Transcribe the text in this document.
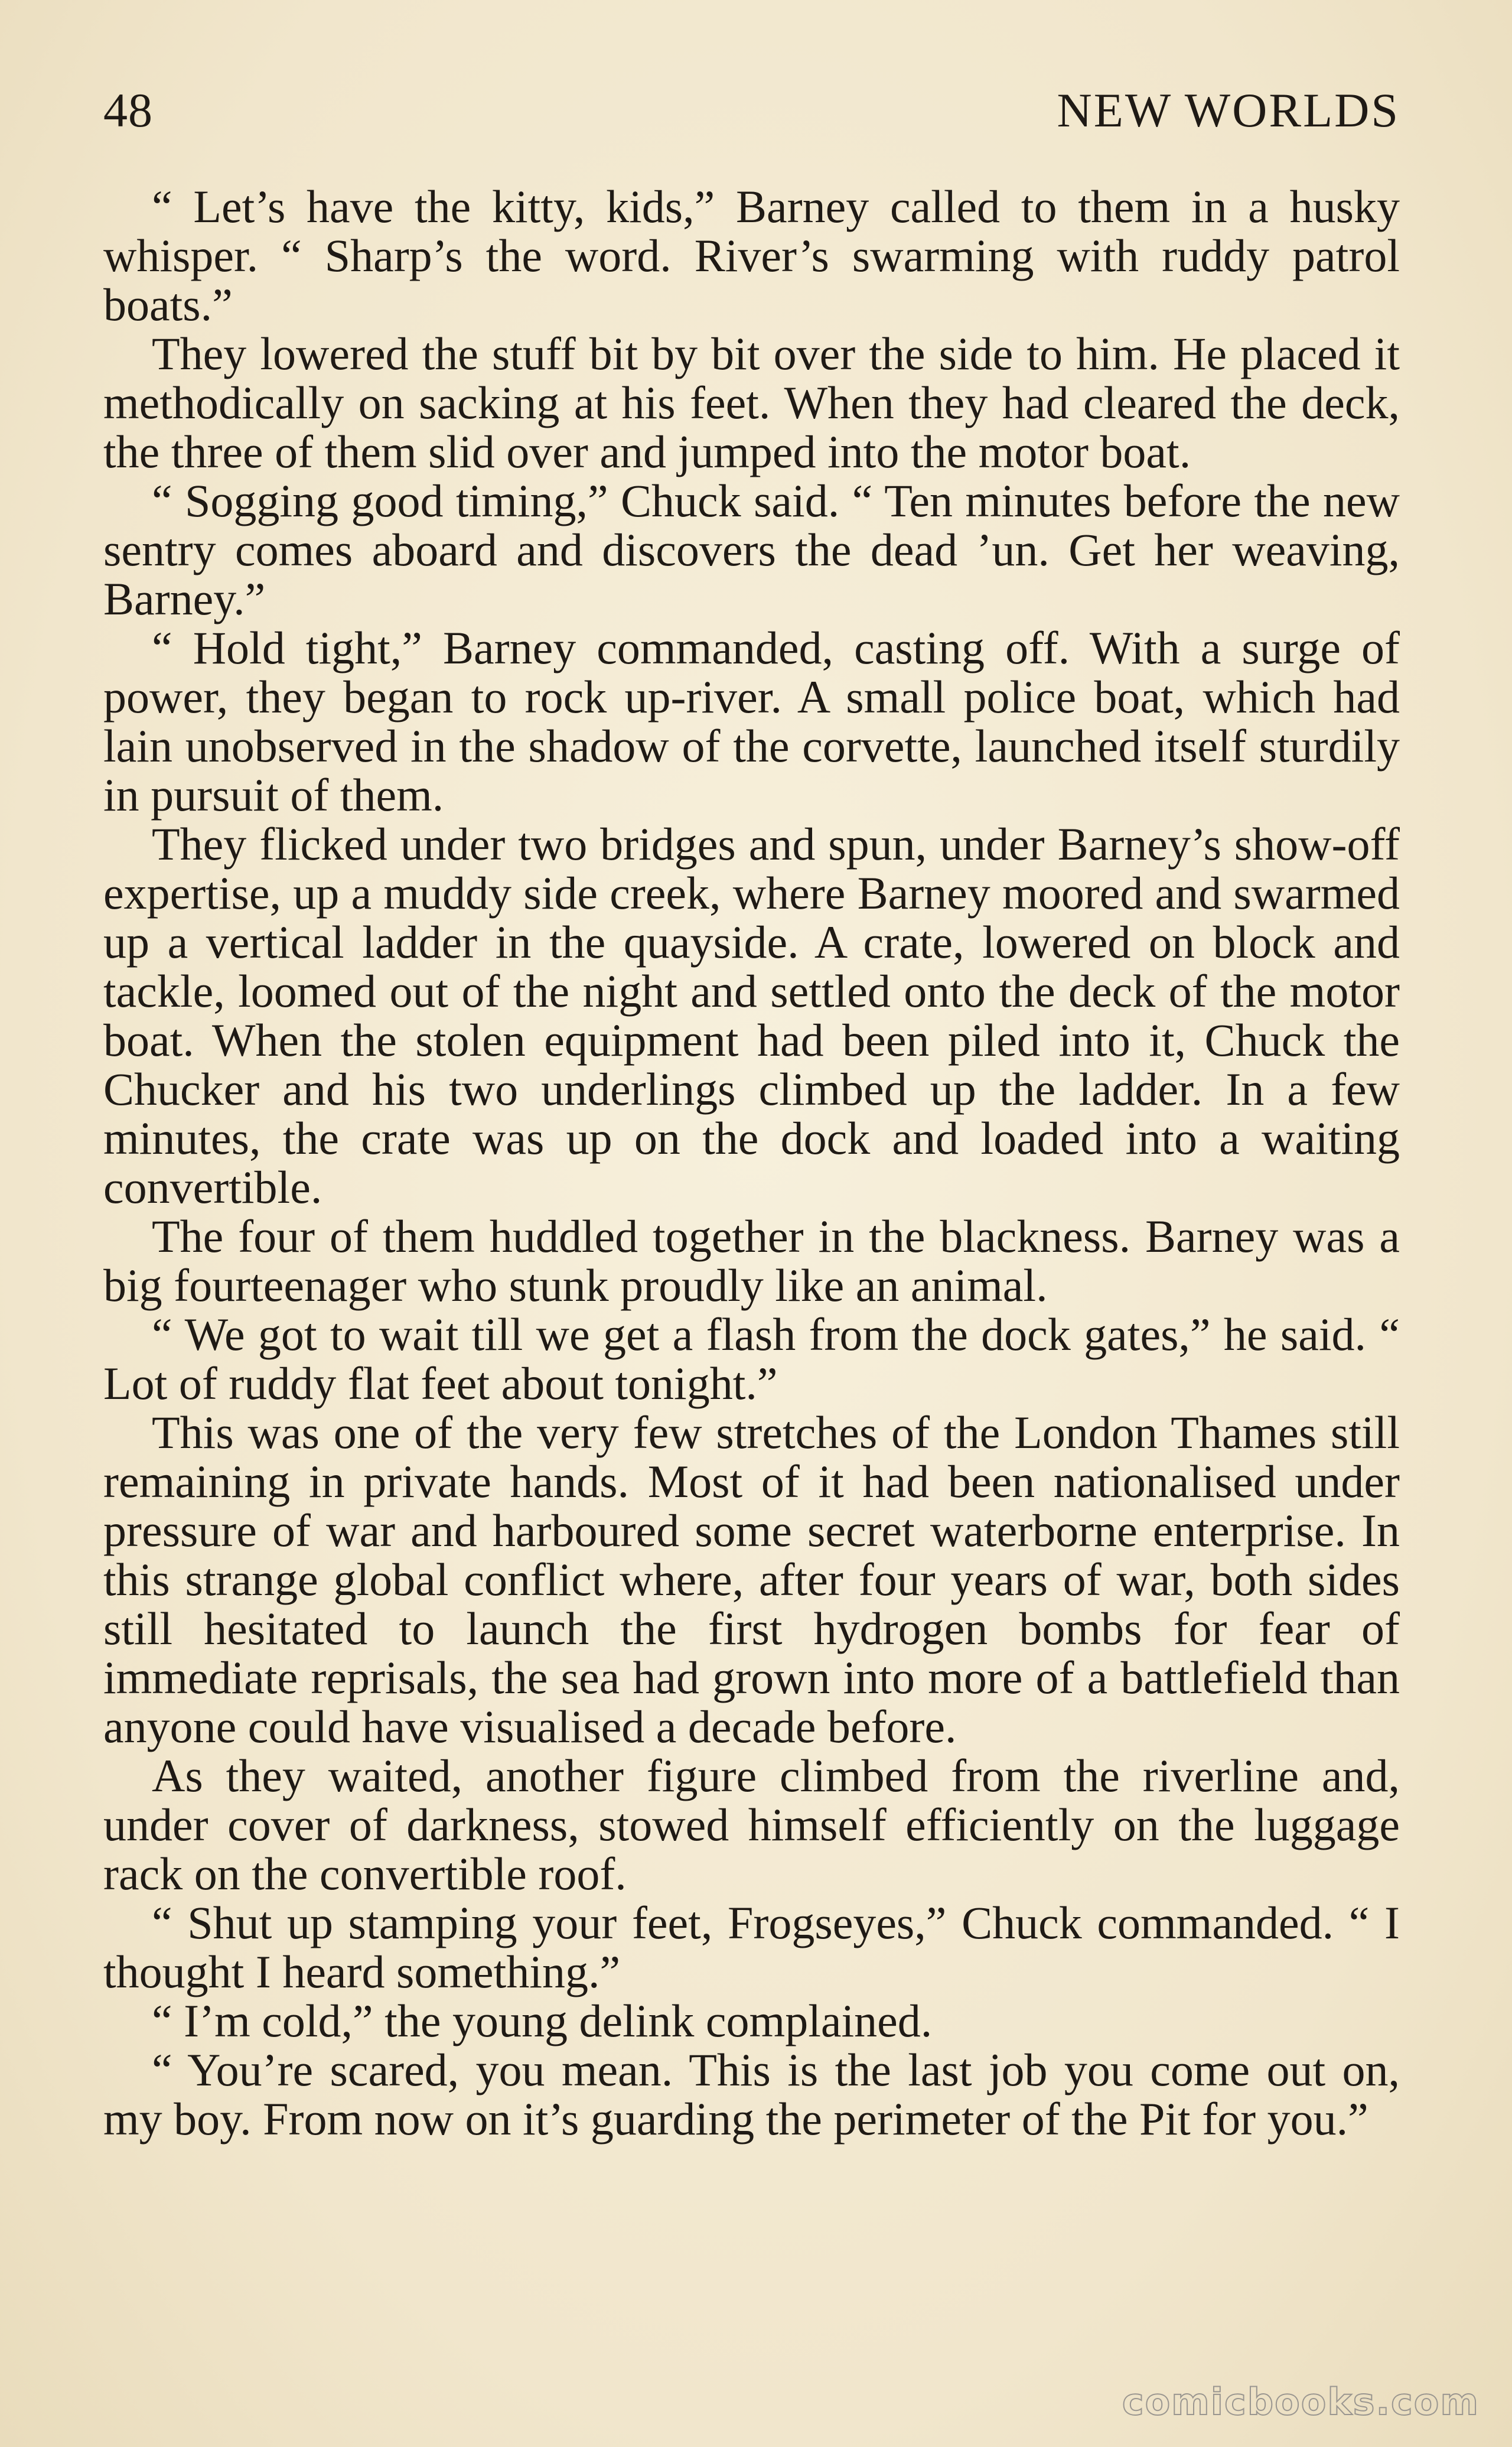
48	NEW WORLDS

“ Let’s have the kitty, kids,” Barney called to them in a husky whisper. “ Sharp’s the word. River’s swarming with ruddy patrol boats.”

They lowered the stuff bit by bit over the side to him. He placed it methodically on sacking at his feet. When they had cleared the deck, the three of them slid over and jumped into the motor boat.

“ Sogging good timing,” Chuck said. “ Ten minutes before the new sentry comes aboard and discovers the dead ’un. Get her weaving, Barney.”

“ Hold tight,” Barney commanded, casting off. With a surge of power, they began to rock up-river. A small police boat, which had lain unobserved in the shadow of the corvette, launched itself sturdily in pursuit of them.

They flicked under two bridges and spun, under Barney’s show-off expertise, up a muddy side creek, where Barney moored and swarmed up a vertical ladder in the quayside. A crate, lowered on block and tackle, loomed out of the night and settled onto the deck of the motor boat. When the stolen equipment had been piled into it, Chuck the Chucker and his two underlings climbed up the ladder. In a few minutes, the crate was up on the dock and loaded into a waiting convertible.

The four of them huddled together in the blackness. Barney was a big fourteenager who stunk proudly like an animal.

“ We got to wait till we get a flash from the dock gates,” he said. “ Lot of ruddy flat feet about tonight.”

This was one of the very few stretches of the London Thames still remaining in private hands. Most of it had been nationalised under pressure of war and harboured some secret waterborne enterprise. In this strange global conflict where, after four years of war, both sides still hesitated to launch the first hydrogen bombs for fear of immediate reprisals, the sea had grown into more of a battlefield than anyone could have visualised a decade before.

As they waited, another figure climbed from the riverline and, under cover of darkness, stowed himself efficiently on the luggage rack on the convertible roof.

“ Shut up stamping your feet, Frogseyes,” Chuck commanded. “ I thought I heard something.”

“ I’m cold,” the young delink complained.

“ You’re scared, you mean. This is the last job you come out on, my boy. From now on it’s guarding the perimeter of the Pit for you.”

comicbooks.com
